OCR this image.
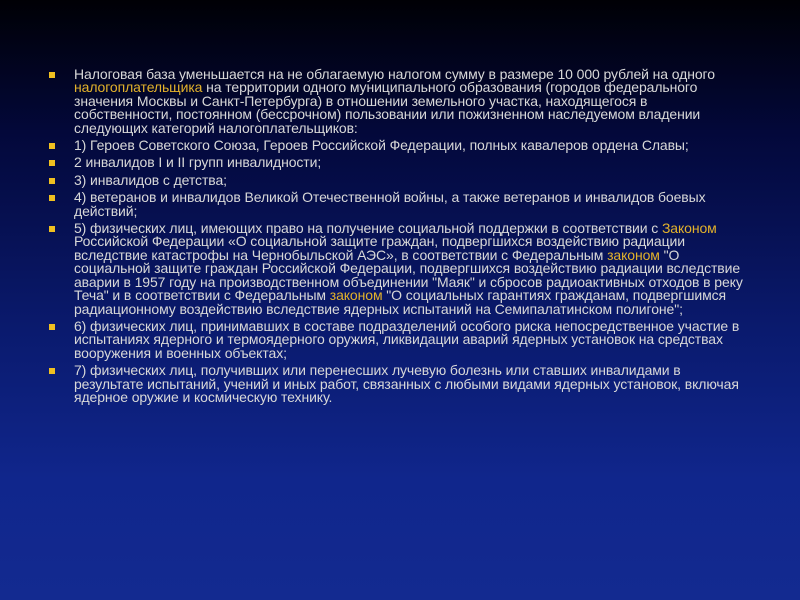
Налоговая база уменьшается на не облагаемую налогом сумму в размере 10 000 рублей на одного налогоплательщика на территории одного муниципального образования (городов федерального значения Москвы и Санкт-Петербурга) в отношении земельного участка, находящегося в собственности, постоянном (бессрочном) пользовании или пожизненном наследуемом владении следующих категорий налогоплательщиков:
1) Героев Советского Союза, Героев Российской Федерации, полных кавалеров ордена Славы;
2 инвалидов I и II групп инвалидности;
3) инвалидов с детства;
4) ветеранов и инвалидов Великой Отечественной войны, а также ветеранов и инвалидов боевых действий;
5) физических лиц, имеющих право на получение социальной поддержки в соответствии с Законом Российской Федерации «О социальной защите граждан, подвергшихся воздействию радиации вследствие катастрофы на Чернобыльской АЭС», в соответствии с Федеральным законом "О социальной защите граждан Российской Федерации, подвергшихся воздействию радиации вследствие аварии в 1957 году на производственном объединении "Маяк" и сбросов радиоактивных отходов в реку Теча" и в соответствии с Федеральным законом "О социальных гарантиях гражданам, подвергшимся радиационному воздействию вследствие ядерных испытаний на Семипалатинском полигоне";
6) физических лиц, принимавших в составе подразделений особого риска непосредственное участие в испытаниях ядерного и термоядерного оружия, ликвидации аварий ядерных установок на средствах вооружения и военных объектах;
7) физических лиц, получивших или перенесших лучевую болезнь или ставших инвалидами в результате испытаний, учений и иных работ, связанных с любыми видами ядерных установок, включая ядерное оружие и космическую технику.
